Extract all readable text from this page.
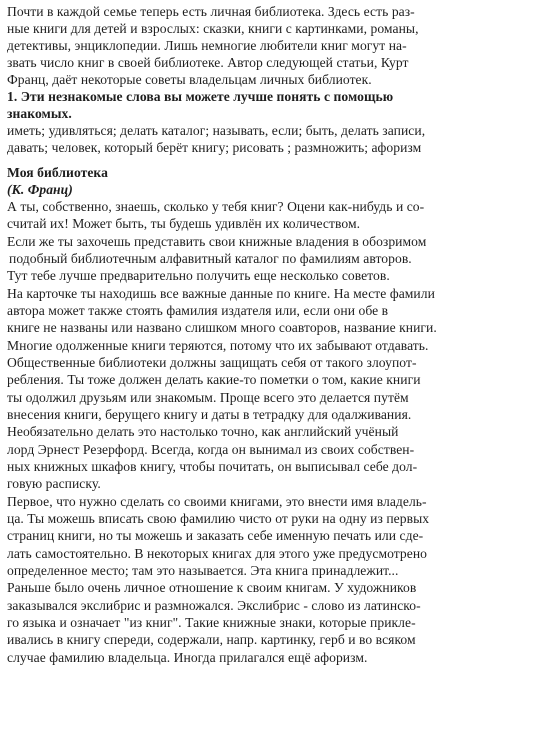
Почти в каждой семье теперь есть личная библиотека. Здесь есть раз-
ные книги для детей и взрослых: сказки, книги с картинками, романы,
детективы, энциклопедии. Лишь немногие любители книг могут на-
звать число книг в своей библиотеке. Автор следующей статьи, Курт
Франц, даёт некоторые советы владельцам личных библиотек.
1. Эти незнакомые слова вы можете лучше понять с помощью
знакомых.
иметь; удивляться; делать каталог; называть, если; быть, делать записи,
давать; человек, который берёт книгу; рисовать ; размножить; афоризм
Моя библиотека
(К. Франц)
А ты, собственно, знаешь, сколько у тебя книг? Оцени как-нибудь и со-
считай их! Может быть, ты будешь удивлён их количеством.
Если же ты захочешь представить свои книжные владения в обозримом
подобный библиотечным алфавитный каталог по фамилиям авторов.
Тут тебе лучше предварительно получить еще несколько советов.
На карточке ты находишь все важные данные по книге. На месте фамили
автора может также стоять фамилия издателя или, если они обе в
книге не названы или названо слишком много соавторов, название книги.
Многие одолженные книги теряются, потому что их забывают отдавать.
Общественные библиотеки должны защищать себя от такого злоупот-
ребления. Ты тоже должен делать какие-то пометки о том, какие книги
ты одолжил друзьям или знакомым. Проще всего это делается путём
внесения книги, берущего книгу и даты в тетрадку для одалживания.
Необязательно делать это настолько точно, как английский учёный
лорд Эрнест Резерфорд. Всегда, когда он вынимал из своих собствен-
ных книжных шкафов книгу, чтобы почитать, он выписывал себе дол-
говую расписку.
Первое, что нужно сделать со своими книгами, это внести имя владель-
ца. Ты можешь вписать свою фамилию чисто от руки на одну из первых
страниц книги, но ты можешь и заказать себе именную печать или сде-
лать самостоятельно. В некоторых книгах для этого уже предусмотрено
определенное место; там это называется. Эта книга принадлежит...
Раньше было очень личное отношение к своим книгам. У художников
заказывался экслибрис и размножался. Экслибрис - слово из латинско-
го языка и означает "из книг". Такие книжные знаки, которые прикле-
ивались в книгу спереди, содержали, напр. картинку, герб и во всяком
случае фамилию владельца. Иногда прилагался ещё афоризм.
